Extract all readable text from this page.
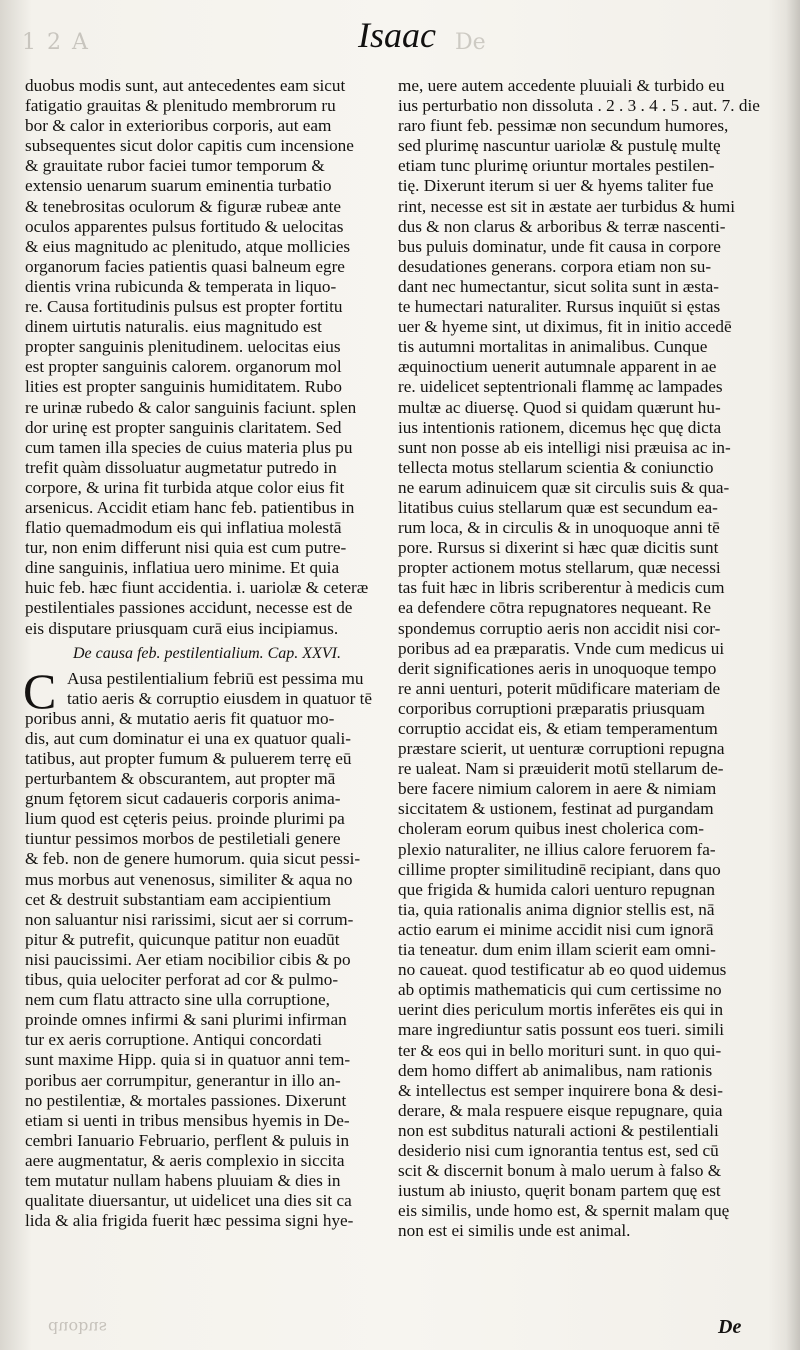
1 2 A	De
Isaac
duobus modis sunt, aut antecedentes eam sicut
fatigatio grauitas & plenitudo membrorum ru
bor & calor in exterioribus corporis, aut eam
subsequentes sicut dolor capitis cum incensione
& grauitate rubor faciei tumor temporum &
extensio uenarum suarum eminentia turbatio
& tenebrositas oculorum & figuræ rubeæ ante
oculos apparentes pulsus fortitudo & uelocitas
& eius magnitudo ac plenitudo, atque mollicies
organorum facies patientis quasi balneum egre
dientis vrina rubicunda & temperata in liquo-
re. Causa fortitudinis pulsus est propter fortitu
dinem uirtutis naturalis. eius magnitudo est
propter sanguinis plenitudinem. uelocitas eius
est propter sanguinis calorem. organorum mol
lities est propter sanguinis humiditatem. Rubo
re urinæ rubedo & calor sanguinis faciunt. splen
dor urinę est propter sanguinis claritatem. Sed
cum tamen illa species de cuius materia plus pu
trefit quàm dissoluatur augmetatur putredo in
corpore, & urina fit turbida atque color eius fit
arsenicus. Accidit etiam hanc feb. patientibus in
flatio quemadmodum eis qui inflatiua molestā
tur, non enim differunt nisi quia est cum putre-
dine sanguinis, inflatiua uero minime. Et quia
huic feb. hæc fiunt accidentia. i. uariolæ & ceteræ
pestilentiales passiones accidunt, necesse est de
eis disputare priusquam curā eius incipiamus.
De causa feb. pestilentialium. Cap. XXVI.
C Ausa pestilentialium febriū est pessima mu
tatio aeris & corruptio eiusdem in quatuor tē
poribus anni, & mutatio aeris fit quatuor mo-
dis, aut cum dominatur ei una ex quatuor quali-
tatibus, aut propter fumum & puluerem terrę eū
perturbantem & obscurantem, aut propter mā
gnum fętorem sicut cadaueris corporis anima-
lium quod est cęteris peius. proinde plurimi pa
tiuntur pessimos morbos de pestiletiali genere
& feb. non de genere humorum. quia sicut pessi-
mus morbus aut venenosus, similiter & aqua no
cet & destruit substantiam eam accipientium
non saluantur nisi rarissimi, sicut aer si corrum-
pitur & putrefit, quicunque patitur non euadūt
nisi paucissimi. Aer etiam nocibilior cibis & po
tibus, quia uelociter perforat ad cor & pulmo-
nem cum flatu attracto sine ulla corruptione,
proinde omnes infirmi & sani plurimi infirman
tur ex aeris corruptione. Antiqui concordati
sunt maxime Hipp. quia si in quatuor anni tem-
poribus aer corrumpitur, generantur in illo an-
no pestilentiæ, & mortales passiones. Dixerunt
etiam si uenti in tribus mensibus hyemis in De-
cembri Ianuario Februario, perflent & puluis in
aere augmentatur, & aeris complexio in siccita
tem mutatur nullam habens pluuiam & dies in
qualitate diuersantur, ut uidelicet una dies sit ca
lida & alia frigida fuerit hæc pessima signi hye-
me, uere autem accedente pluuiali & turbido eu
ius perturbatio non dissoluta . 2 . 3 . 4 . 5 . aut. 7. die
raro fiunt feb. pessimæ non secundum humores,
sed plurimę nascuntur uariolæ & pustulę multę
etiam tunc plurimę oriuntur mortales pestilen-
tię. Dixerunt iterum si uer & hyems taliter fue
rint, necesse est sit in æstate aer turbidus & humi
dus & non clarus & arboribus & terræ nascenti-
bus puluis dominatur, unde fit causa in corpore
desudationes generans. corpora etiam non su-
dant nec humectantur, sicut solita sunt in æsta-
te humectari naturaliter. Rursus inquiūt si ęstas
uer & hyeme sint, ut diximus, fit in initio accedē
tis autumni mortalitas in animalibus. Cunque
æquinoctium uenerit autumnale apparent in ae
re. uidelicet septentrionali flammę ac lampades
multæ ac diuersę. Quod si quidam quærunt hu-
ius intentionis rationem, dicemus hęc quę dicta
sunt non posse ab eis intelligi nisi præuisa ac in-
tellecta motus stellarum scientia & coniunctio
ne earum adinuicem quæ sit circulis suis & qua-
litatibus cuius stellarum quæ est secundum ea-
rum loca, & in circulis & in unoquoque anni tē
pore. Rursus si dixerint si hæc quæ dicitis sunt
propter actionem motus stellarum, quæ necessi
tas fuit hæc in libris scriberentur à medicis cum
ea defendere cōtra repugnatores nequeant. Re
spondemus corruptio aeris non accidit nisi cor-
poribus ad ea præparatis. Vnde cum medicus ui
derit significationes aeris in unoquoque tempo
re anni uenturi, poterit mūdificare materiam de
corporibus corruptioni præparatis priusquam
corruptio accidat eis, & etiam temperamentum
præstare scierit, ut uenturæ corruptioni repugna
re ualeat. Nam si præuiderit motū stellarum de-
bere facere nimium calorem in aere & nimiam
siccitatem & ustionem, festinat ad purgandam
choleram eorum quibus inest cholerica com-
plexio naturaliter, ne illius calore feruorem fa-
cillime propter similitudinē recipiant, dans quo
que frigida & humida calori uenturo repugnan
tia, quia rationalis anima dignior stellis est, nā
actio earum ei minime accidit nisi cum ignorā
tia teneatur. dum enim illam scierit eam omni-
no caueat. quod testificatur ab eo quod uidemus
ab optimis mathematicis qui cum certissime no
uerint dies periculum mortis inferētes eis qui in
mare ingrediuntur satis possunt eos tueri. simili
ter & eos qui in bello morituri sunt. in quo qui-
dem homo differt ab animalibus, nam rationis
& intellectus est semper inquirere bona & desi-
derare, & mala respuere eisque repugnare, quia
non est subditus naturali actioni & pestilentiali
desiderio nisi cum ignorantia tentus est, sed cū
scit & discernit bonum à malo uerum à falso &
iustum ab iniusto, quęrit bonam partem quę est
eis similis, unde homo est, & spernit malam quę
non est ei similis unde est animal.
duobus	De
